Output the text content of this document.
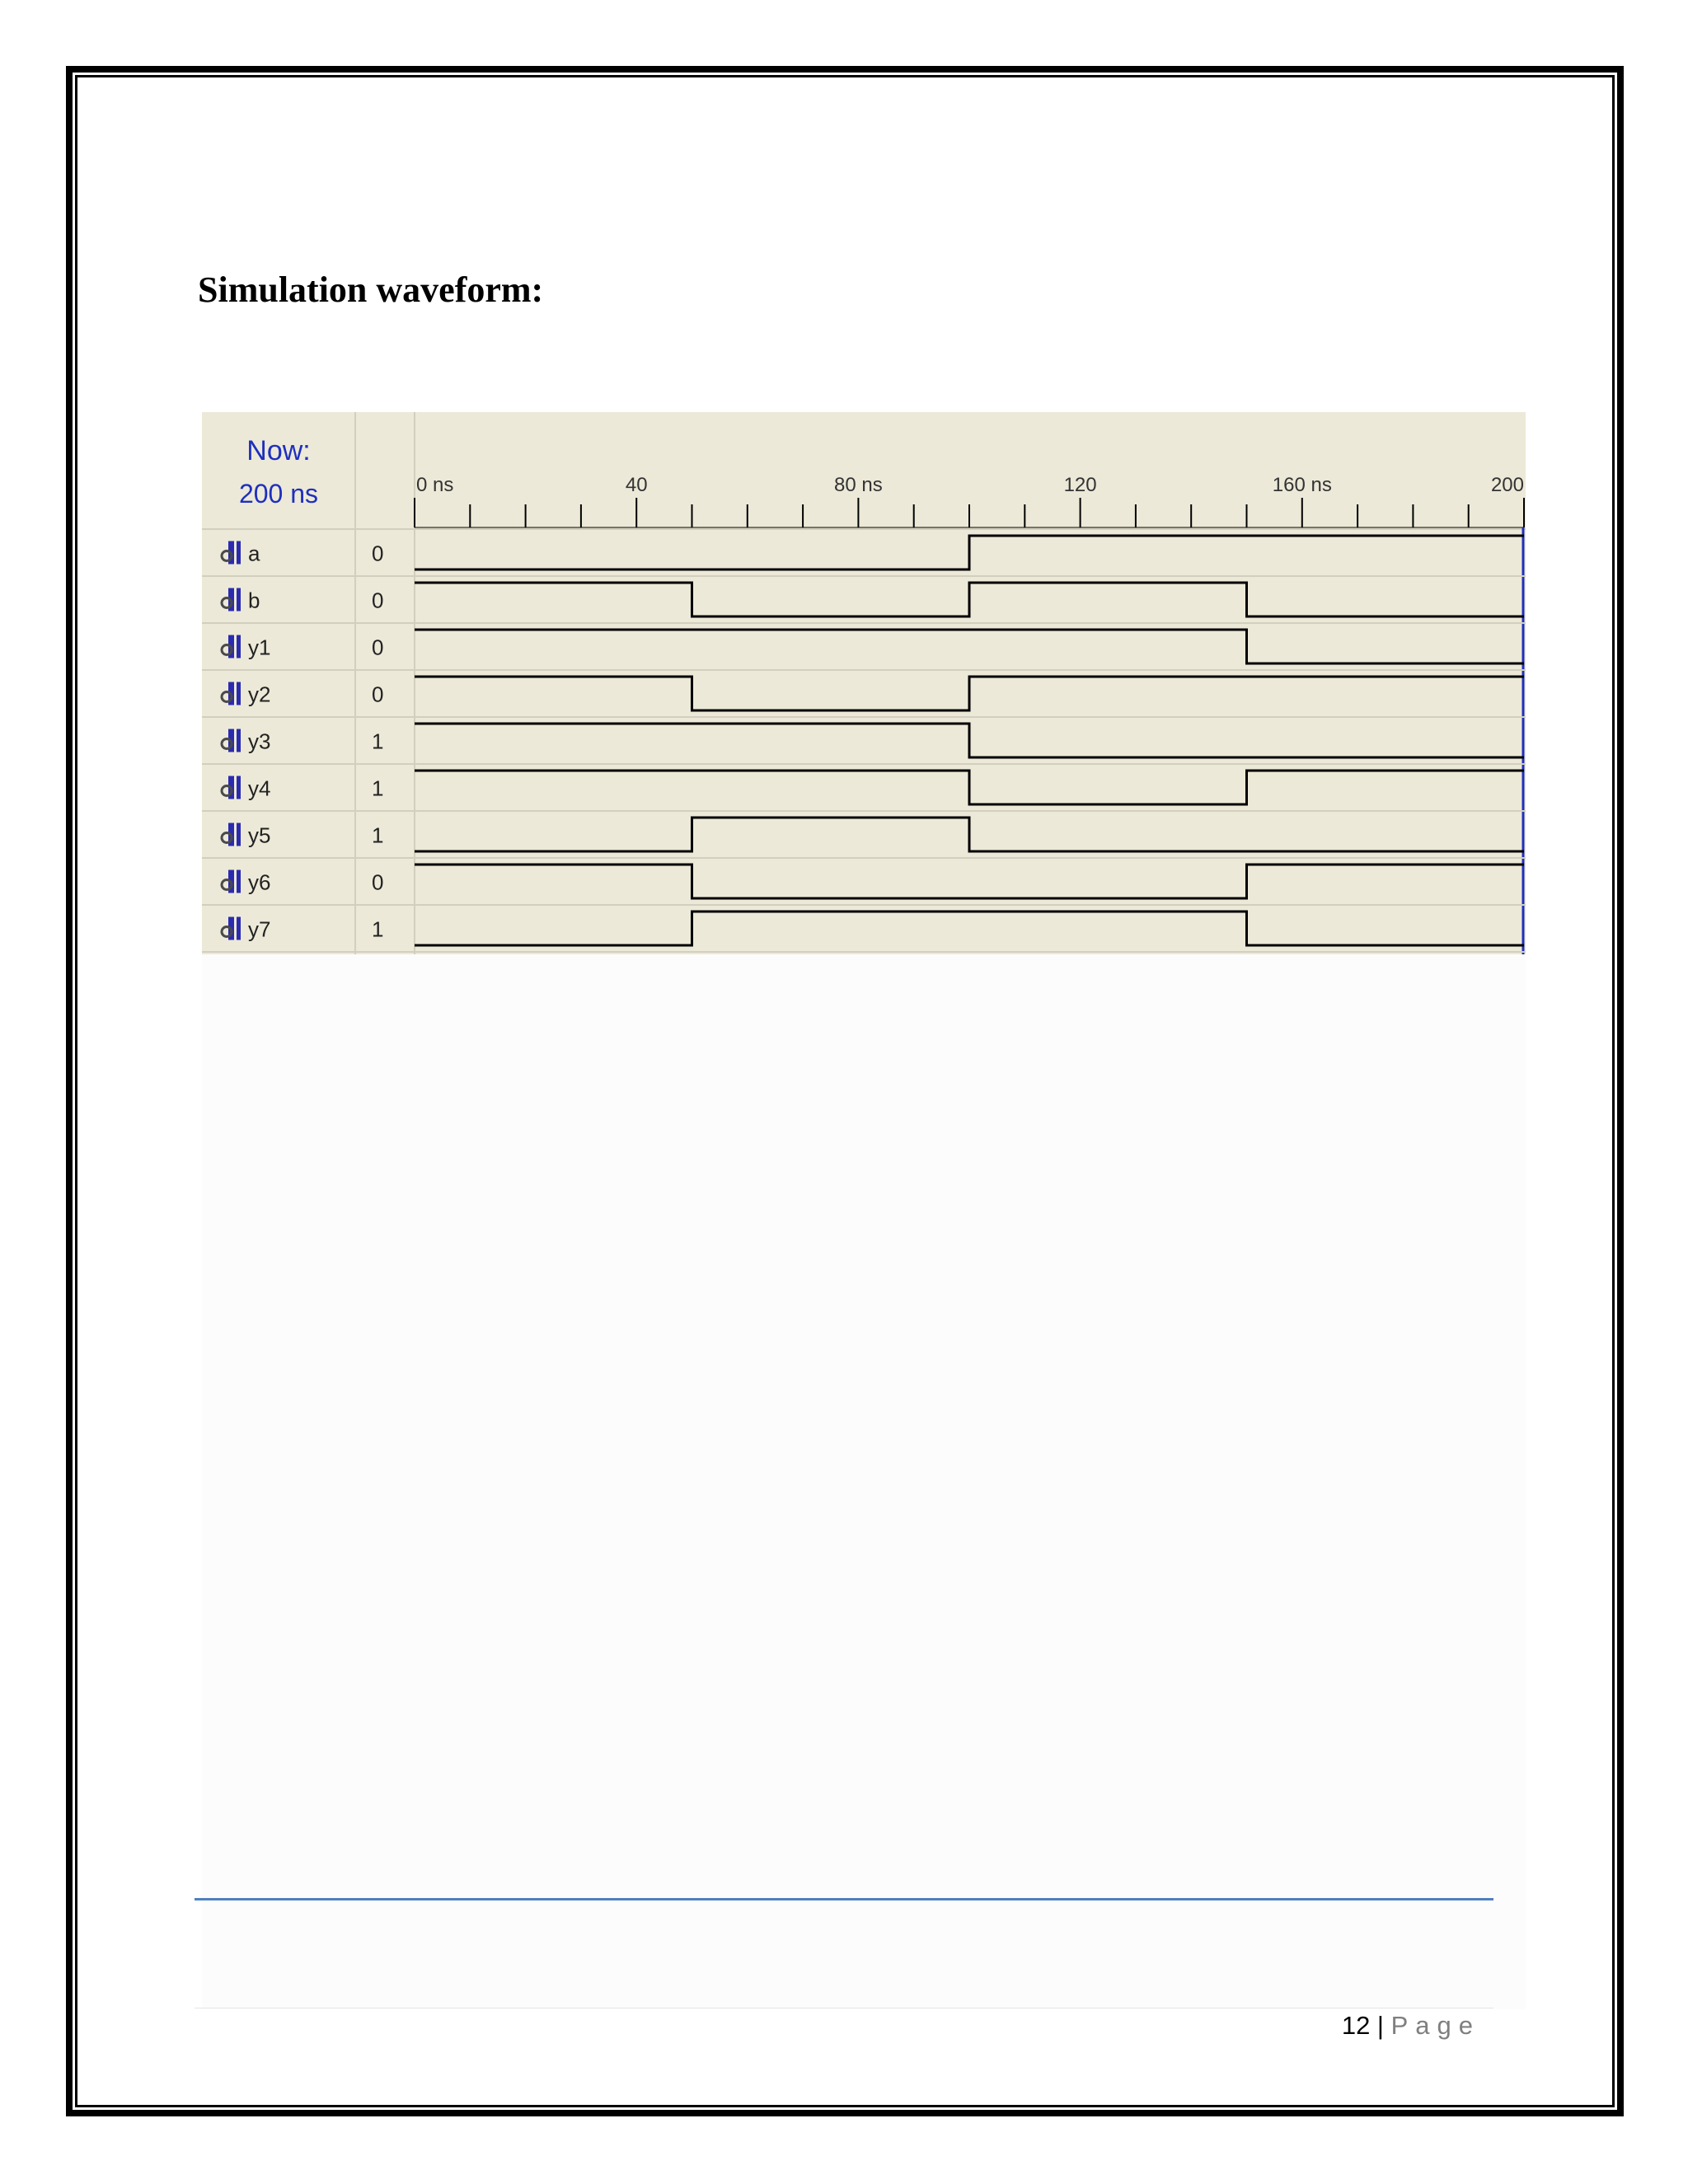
Simulation waveform:
Now:
200 ns	0 ns	40	80 ns	120	160 ns	200
a	0
b	0
y1	0
y2	0
y3	1
y4	1
y5	1
y6	0
y7	1
12 | Page
